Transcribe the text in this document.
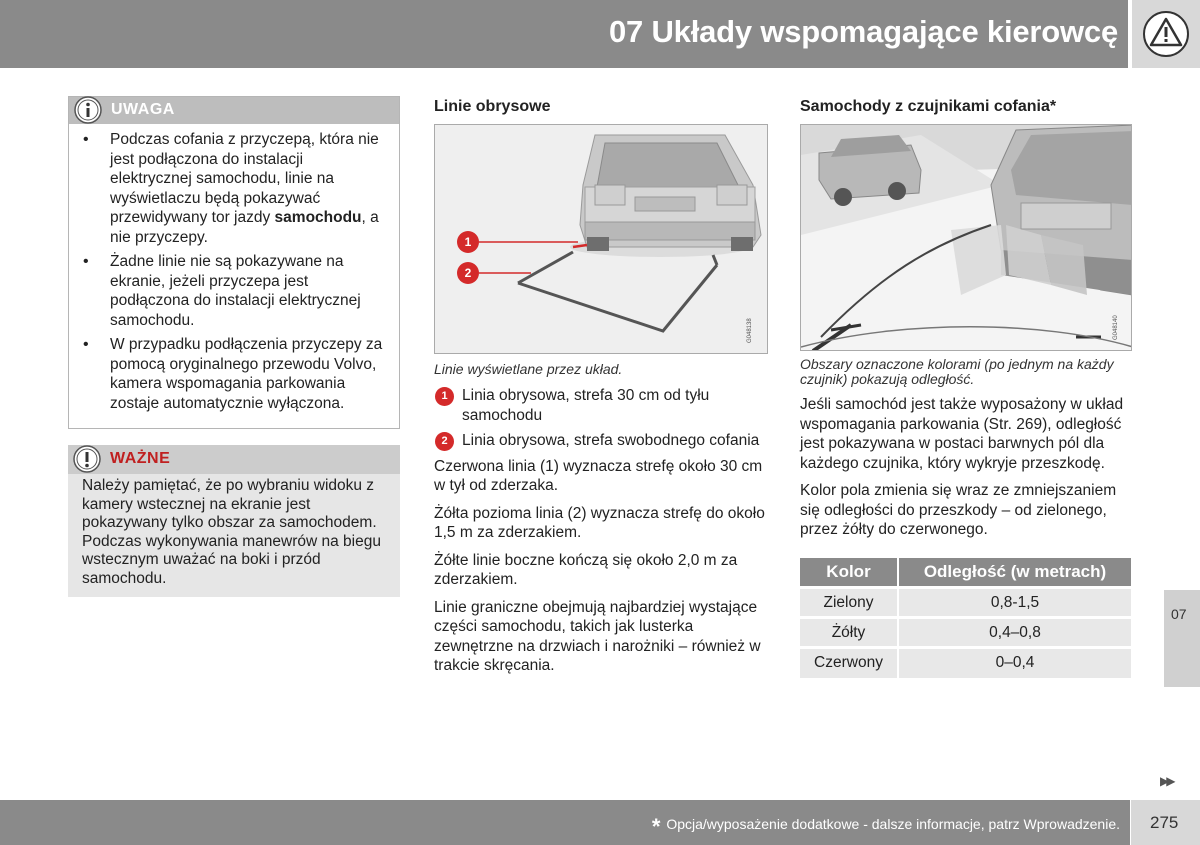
07 Układy wspomagające kierowcę
07
▶▶
UWAGA
• Podczas cofania z przyczepą, która nie jest podłączona do instalacji elektrycznej samochodu, linie na wyświetlaczu będą pokazywać przewidywany tor jazdy samochodu, a nie przyczepy.
• Żadne linie nie są pokazywane na ekranie, jeżeli przyczepa jest podłączona do instalacji elektrycznej samochodu.
• W przypadku podłączenia przyczepy za pomocą oryginalnego przewodu Volvo, kamera wspomagania parkowania zostaje automatycznie wyłączona.
WAŻNE
Należy pamiętać, że po wybraniu widoku z kamery wstecznej na ekranie jest pokazywany tylko obszar za samochodem. Podczas wykonywania manewrów na biegu wstecznym uważać na boki i przód samochodu.
Linie obrysowe
1
2
G048138
Linie wyświetlane przez układ.
1 Linia obrysowa, strefa 30 cm od tyłu samochodu
2 Linia obrysowa, strefa swobodnego cofania

Czerwona linia (1) wyznacza strefę około 30 cm w tył od zderzaka.

Żółta pozioma linia (2) wyznacza strefę do około 1,5 m za zderzakiem.

Żółte linie boczne kończą się około 2,0 m za zderzakiem.

Linie graniczne obejmują najbardziej wystające części samochodu, takich jak lusterka zewnętrzne na drzwiach i narożniki – również w trakcie skręcania.

Samochody z czujnikami cofania*
G048140
Obszary oznaczone kolorami (po jednym na każdy czujnik) pokazują odległość.

Jeśli samochód jest także wyposażony w układ wspomagania parkowania (Str. 269), odległość jest pokazywana w postaci barwnych pól dla każdego czujnika, który wykryje przeszkodę.

Kolor pola zmienia się wraz ze zmniejszaniem się odległości do przeszkody – od zielonego, przez żółty do czerwonego.

Kolor	Odległość (w metrach)
Zielony	0,8-1,5
Żółty	0,4–0,8
Czerwony	0–0,4
* Opcja/wyposażenie dodatkowe - dalsze informacje, patrz Wprowadzenie. 275
